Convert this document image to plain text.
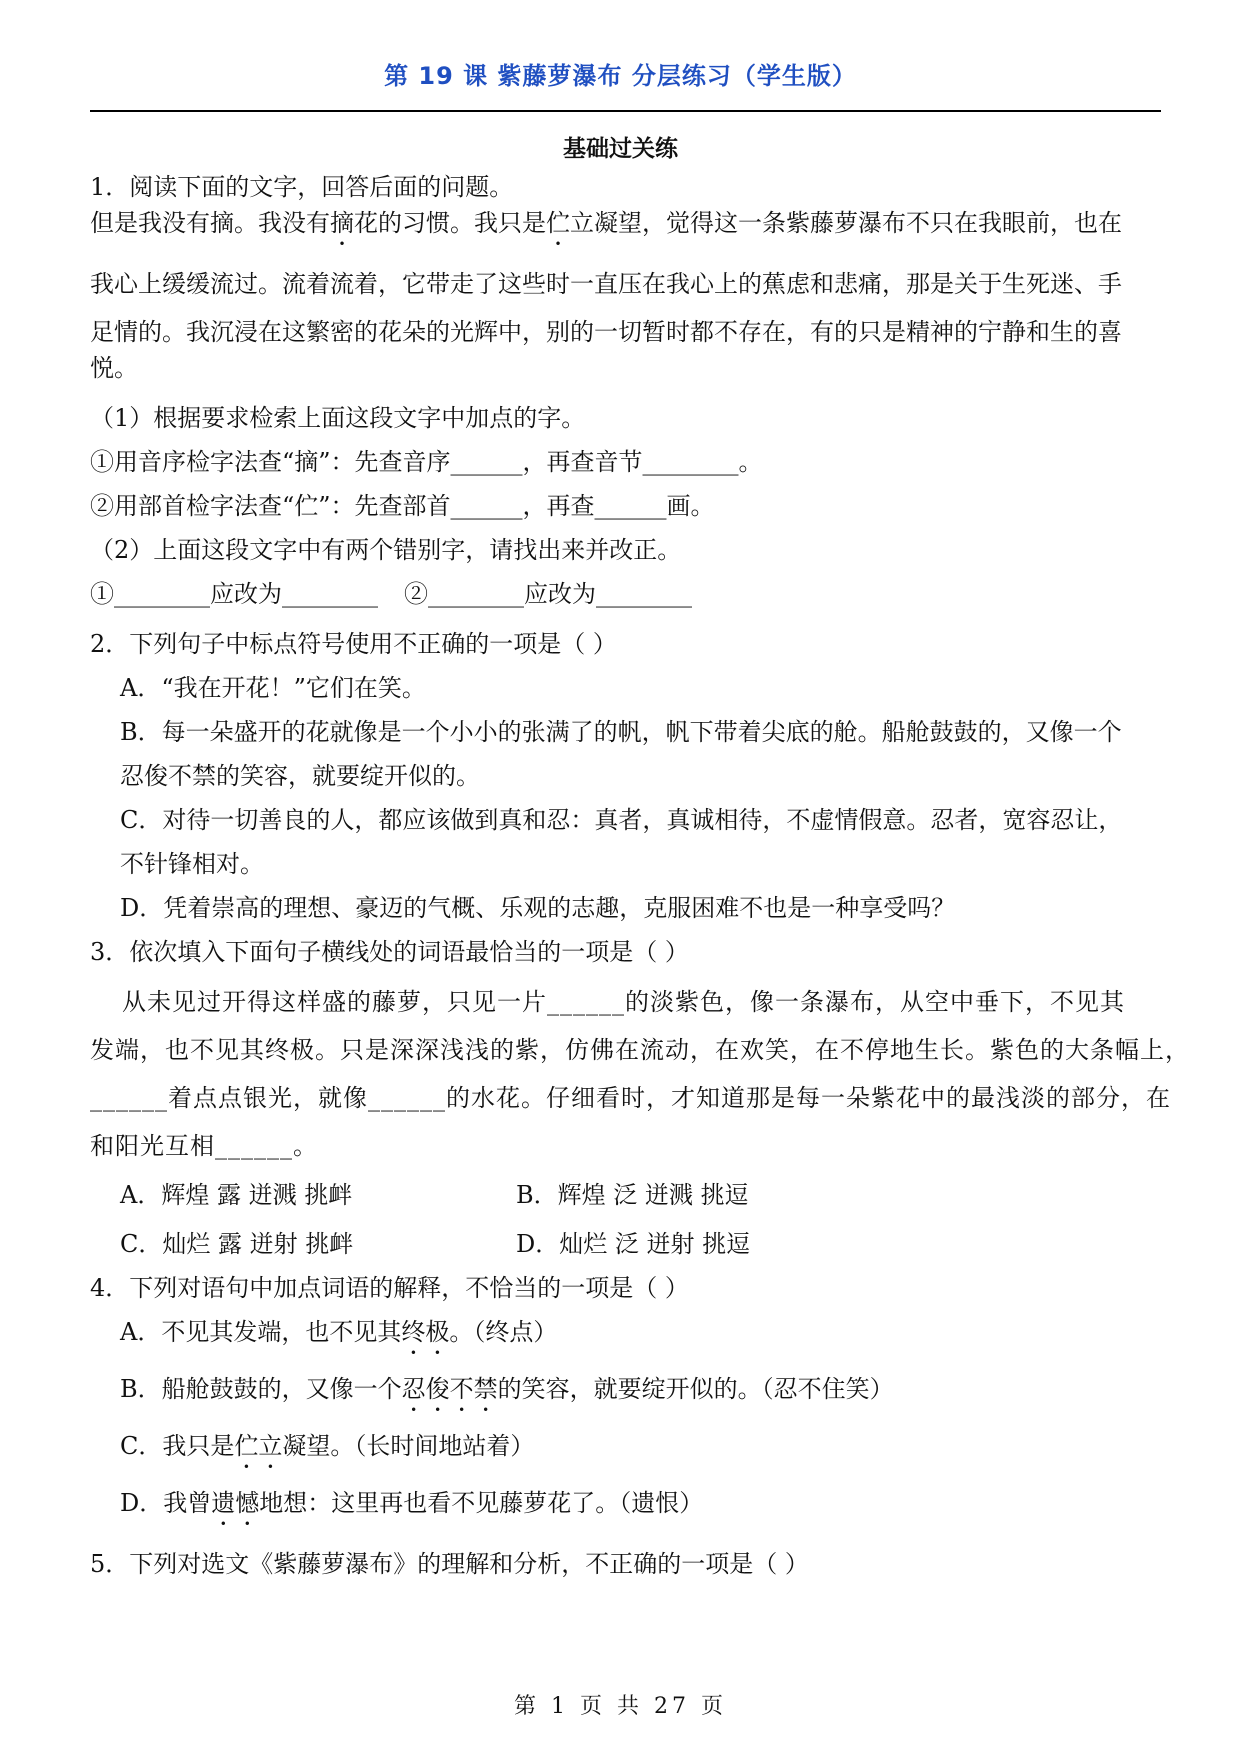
第 19 课 紫藤萝瀑布 分层练习（学生版）
基础过关练
1．阅读下面的文字，回答后面的问题。
但是我没有摘。我没有摘花的习惯。我只是伫立凝望，觉得这一条紫藤萝瀑布不只在我眼前，也在
我心上缓缓流过。流着流着，它带走了这些时一直压在我心上的蕉虑和悲痛，那是关于生死迷、手
足情的。我沉浸在这繁密的花朵的光辉中，别的一切暂时都不存在，有的只是精神的宁静和生的喜
悦。
（1）根据要求检索上面这段文字中加点的字。
①用音序检字法查“摘”：先查音序______，再查音节________。
②用部首检字法查“伫”：先查部首______，再查______画。
（2）上面这段文字中有两个错别字，请找出来并改正。
①________应改为________ ②________应改为________
2．下列句子中标点符号使用不正确的一项是（ ）
A．“我在开花！”它们在笑。
B．每一朵盛开的花就像是一个小小的张满了的帆，帆下带着尖底的舱。船舱鼓鼓的，又像一个
忍俊不禁的笑容，就要绽开似的。
C．对待一切善良的人，都应该做到真和忍：真者，真诚相待，不虚情假意。忍者，宽容忍让，
不针锋相对。
D．凭着崇高的理想、豪迈的气概、乐观的志趣，克服困难不也是一种享受吗？
3．依次填入下面句子横线处的词语最恰当的一项是（ ）
从未见过开得这样盛的藤萝，只见一片______的淡紫色，像一条瀑布，从空中垂下，不见其
发端，也不见其终极。只是深深浅浅的紫，仿佛在流动，在欢笑，在不停地生长。紫色的大条幅上，
______着点点银光，就像______的水花。仔细看时，才知道那是每一朵紫花中的最浅淡的部分，在
和阳光互相______。
A．辉煌 露 迸溅 挑衅	B．辉煌 泛 迸溅 挑逗
C．灿烂 露 迸射 挑衅	D．灿烂 泛 迸射 挑逗
4．下列对语句中加点词语的解释，不恰当的一项是（ ）
A．不见其发端，也不见其终极。（终点）
B．船舱鼓鼓的，又像一个忍俊不禁的笑容，就要绽开似的。（忍不住笑）
C．我只是伫立凝望。（长时间地站着）
D．我曾遗憾地想：这里再也看不见藤萝花了。（遗恨）
5．下列对选文《紫藤萝瀑布》的理解和分析，不正确的一项是（ ）
第 1 页 共 27 页
